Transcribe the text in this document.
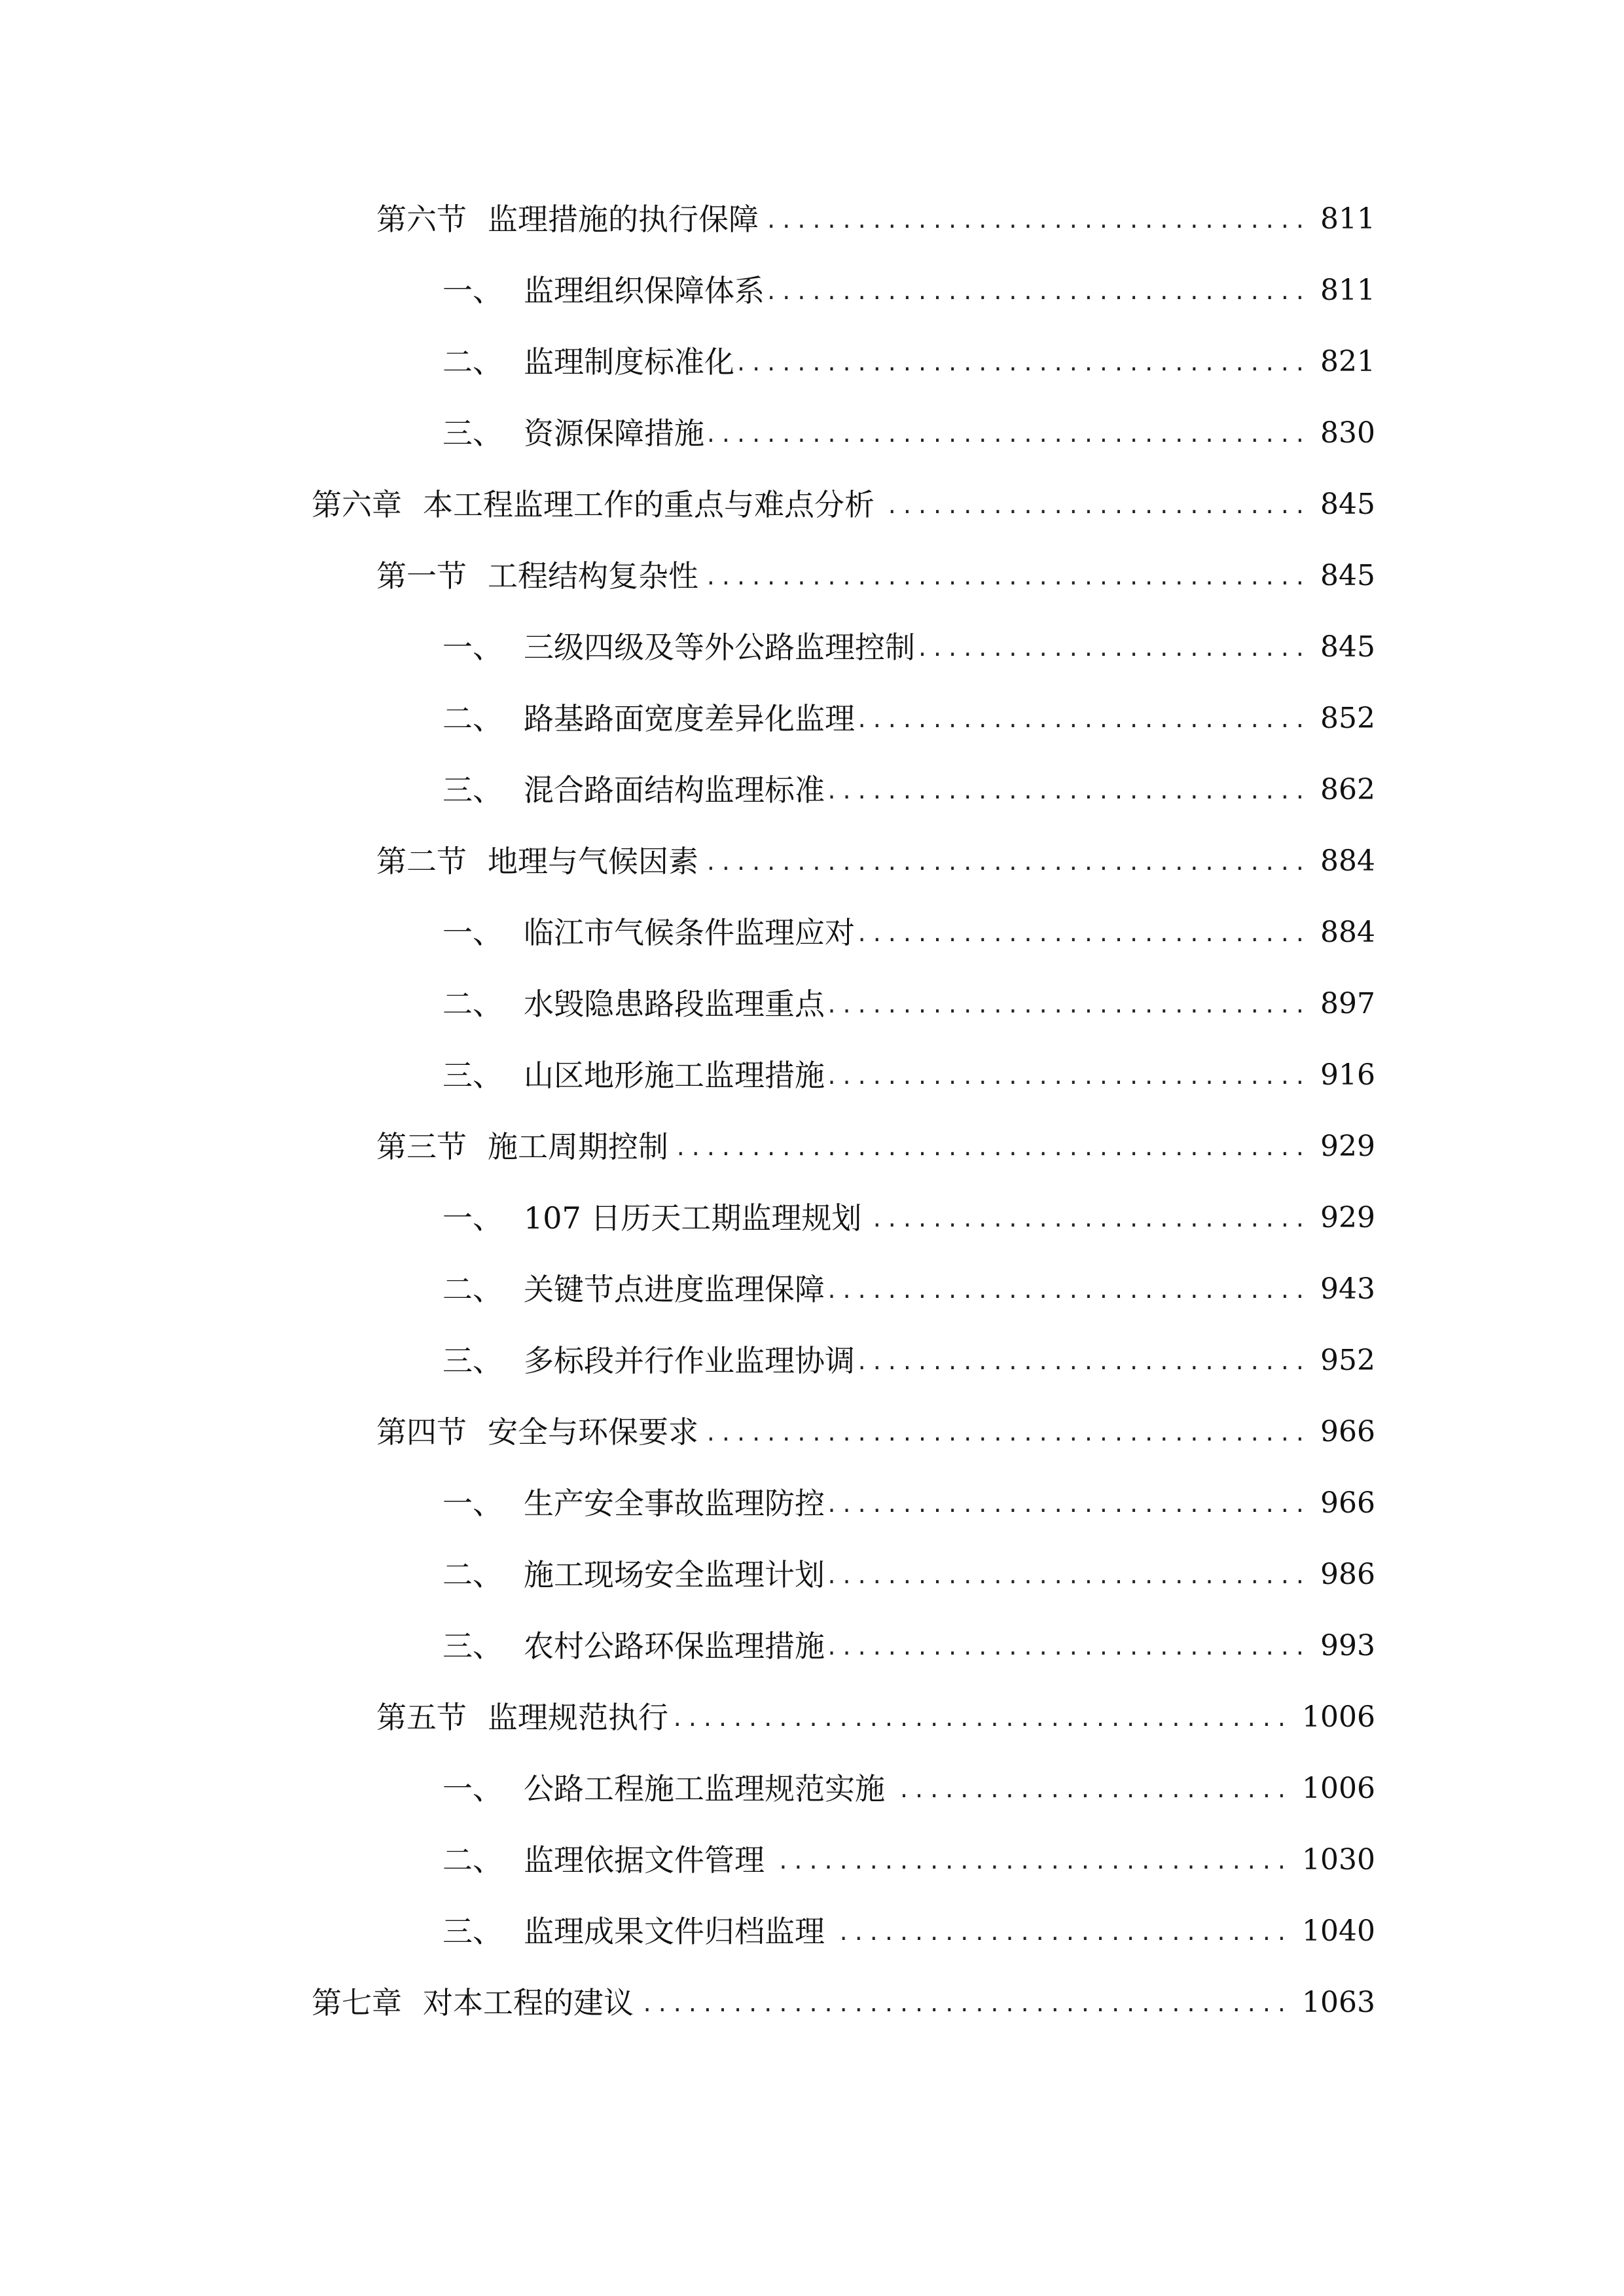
第六节 监理措施的执行保障 .....	811
一、 监理组织保障体系 .....	811
二、 监理制度标准化 .....	821
三、 资源保障措施 .....	830
第六章 本工程监理工作的重点与难点分析 .....	845
第一节 工程结构复杂性 .....	845
一、 三级四级及等外公路监理控制 .....	845
二、 路基路面宽度差异化监理 .....	852
三、 混合路面结构监理标准 .....	862
第二节 地理与气候因素 .....	884
一、 临江市气候条件监理应对 .....	884
二、 水毁隐患路段监理重点 .....	897
三、 山区地形施工监理措施 .....	916
第三节 施工周期控制 .....	929
一、 107 日历天工期监理规划 .....	929
二、 关键节点进度监理保障 .....	943
三、 多标段并行作业监理协调 .....	952
第四节 安全与环保要求 .....	966
一、 生产安全事故监理防控 .....	966
二、 施工现场安全监理计划 .....	986
三、 农村公路环保监理措施 .....	993
第五节 监理规范执行 .....	1006
一、 公路工程施工监理规范实施 .....	1006
二、 监理依据文件管理 .....	1030
三、 监理成果文件归档监理 .....	1040
第七章 对本工程的建议 .....	1063
